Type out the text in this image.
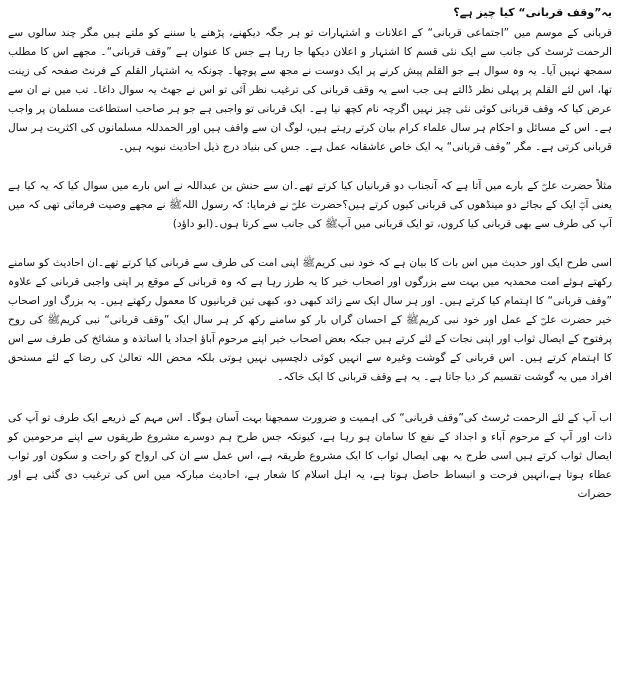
یہ”وقف قربانی“ کیا چیز ہے؟

قربانی کے موسم میں ”اجتماعی قربانی“ کے اعلانات و اشتہارات تو ہر جگہ دیکھنے، پڑھنے یا سننے کو ملتے ہیں مگر چند سالوں سے الرحمت ٹرسٹ کی جانب سے ایک نئی قسم کا اشتہار و اعلان دیکھا جا رہا ہے جس کا عنوان ہے ”وقف قربانی“۔ مجھے اس کا مطلب سمجھ نہیں آیا۔ یہ وہ سوال ہے جو القلم پیش کرنے پر ایک دوست نے مجھ سے پوچھا۔ چونکہ یہ اشتہار القلم کے فرنٹ صفحہ کی زینت تھا، اس لئے القلم پر پہلی نظر ڈالتے ہی جب اسے یہ وقف قربانی کی ترغیب نظر آئی تو اس نے جھٹ یہ سوال داغا۔ تب میں نے ان سے عرض کیا کہ وقف قربانی کوئی نئی چیز نہیں اگرچہ نام کچھ نیا ہے۔ ایک قربانی تو واجبی ہے جو ہر صاحب استطاعت مسلمان پر واجب ہے۔ اس کے مسائل و احکام ہر سال علماء کرام بیان کرتے رہتے ہیں، لوگ ان سے واقف ہیں اور الحمدللہ مسلمانوں کی اکثریت ہر سال قربانی کرتی ہے۔ مگر ”وقف قربانی“ یہ ایک خاص عاشقانہ عمل ہے۔ جس کی بنیاد درج ذیل احادیث نبویہ ہیں۔

مثلاً حضرت علیؓ کے بارے میں آتا ہے کہ آنجناب دو قربانیاں کیا کرتے تھے۔ان سے حنش بن عبداللہ نے اس بارے میں سوال کیا کہ یہ کیا ہے یعنی آپؓ ایک کے بجائے دو مینڈھوں کی قربانی کیوں کرتے ہیں؟حضرت علیؓ نے فرمایا: کہ رسول اللہﷺ نے مجھے وصیت فرمائی تھی کہ میں آپ کی طرف سے بھی قربانی کیا کروں، تو ایک قربانی میں آپﷺ کی جانب سے کرتا ہوں۔(ابو داؤد)

اسی طرح ایک اور حدیث میں اس بات کا بیان ہے کہ خود نبی کریمﷺ اپنی امت کی طرف سے قربانی کیا کرتے تھے۔ان احادیث کو سامنے رکھتے ہوئے امت محمدیہ میں بہت سے بزرگوں اور اصحاب خیر کا یہ طرز رہا ہے کہ وہ قربانی کے موقع پر اپنی واجبی قربانی کے علاوہ ”وقف قربانی“ کا اہتمام کیا کرتے ہیں۔ اور ہر سال ایک سے زائد کبھی دو، کبھی تین قربانیوں کا معمول رکھتے ہیں۔ یہ بزرگ اور اصحاب خیر حضرت علیؓ کے عمل اور خود نبی کریمﷺ کے احسان گراں بار کو سامنے رکھ کر ہر سال ایک ”وقف قربانی“ نبی کریمﷺ کی روح پرفتوح کے ایصال ثواب اور اپنی نجات کے لئے کرتے ہیں جبکہ بعض اصحاب خیر اپنے مرحوم آباؤ اجداد یا اساتذہ و مشائخ کی طرف سے اس کا اہتمام کرتے ہیں۔ اس قربانی کے گوشت وغیرہ سے انہیں کوئی دلچسپی نہیں ہوتی بلکہ محض اللہ تعالیٰ کی رضا کے لئے مستحق افراد میں یہ گوشت تقسیم کر دیا جاتا ہے۔ یہ ہے وقف قربانی کا ایک خاکہ۔

اب آپ کے لئے الرحمت ٹرسٹ کی”وقف قربانی“ کی اہمیت و ضرورت سمجھنا بہت آسان ہوگا۔ اس مہم کے ذریعے ایک طرف تو آپ کی ذات اور آپ کے مرحوم آباء و اجداد کے نفع کا سامان ہو رہا ہے، کیونکہ جس طرح ہم دوسرے مشروع طریقوں سے اپنے مرحومین کو ایصال ثواب کرتے ہیں اسی طرح یہ بھی ایصال ثواب کا ایک مشروع طریقہ ہے، اس عمل سے ان کی ارواح کو راحت و سکون اور ثواب عطاء ہوتا ہے،انہیں فرحت و انبساط حاصل ہوتا ہے، یہ اہل اسلام کا شعار ہے، احادیث مبارکہ میں اس کی ترغیب دی گئی ہے اور حضرات
